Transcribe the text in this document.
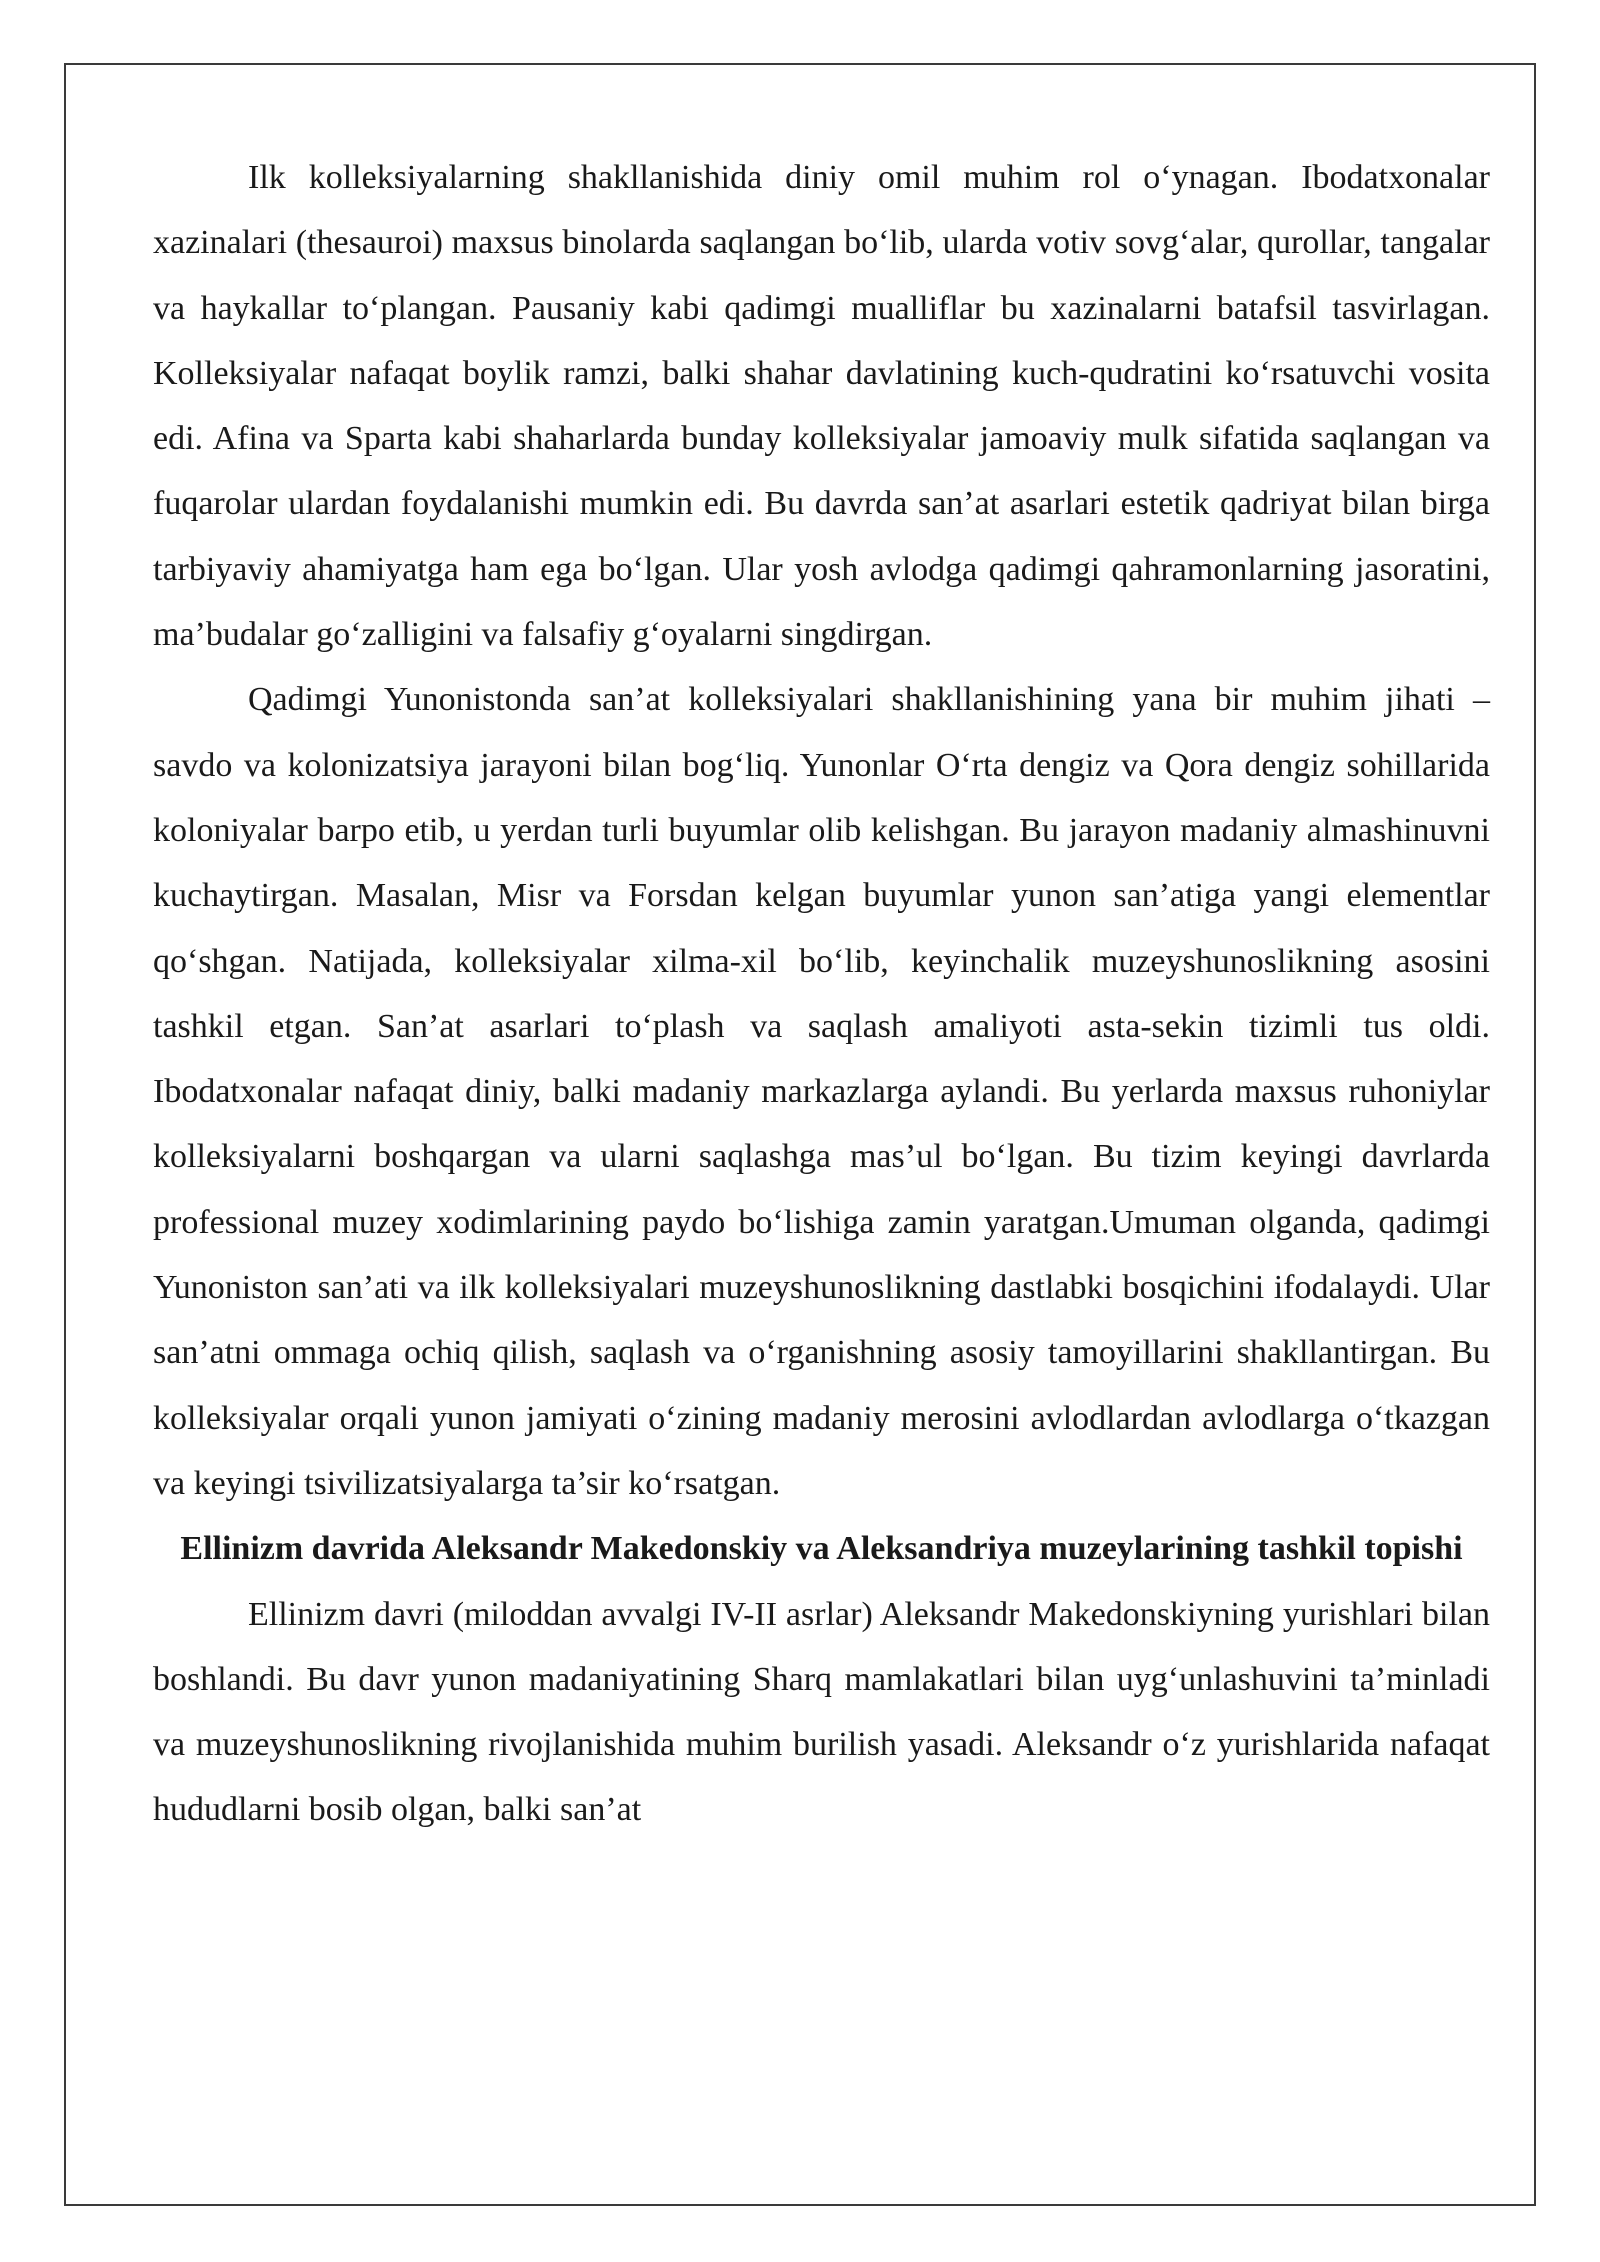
Ilk kolleksiyalarning shakllanishida diniy omil muhim rol o‘ynagan. Ibodatxonalar xazinalari (thesauroi) maxsus binolarda saqlangan bo‘lib, ularda votiv sovg‘alar, qurollar, tangalar va haykallar to‘plangan. Pausaniy kabi qadimgi mualliflar bu xazinalarni batafsil tasvirlagan. Kolleksiyalar nafaqat boylik ramzi, balki shahar davlatining kuch-qudratini ko‘rsatuvchi vosita edi. Afina va Sparta kabi shaharlarda bunday kolleksiyalar jamoaviy mulk sifatida saqlangan va fuqarolar ulardan foydalanishi mumkin edi. Bu davrda san’at asarlari estetik qadriyat bilan birga tarbiyaviy ahamiyatga ham ega bo‘lgan. Ular yosh avlodga qadimgi qahramonlarning jasoratini, ma’budalar go‘zalligini va falsafiy g‘oyalarni singdirgan.

Qadimgi Yunonistonda san’at kolleksiyalari shakllanishining yana bir muhim jihati – savdo va kolonizatsiya jarayoni bilan bog‘liq. Yunonlar O‘rta dengiz va Qora dengiz sohillarida koloniyalar barpo etib, u yerdan turli buyumlar olib kelishgan. Bu jarayon madaniy almashinuvni kuchaytirgan. Masalan, Misr va Forsdan kelgan buyumlar yunon san’atiga yangi elementlar qo‘shgan. Natijada, kolleksiyalar xilma-xil bo‘lib, keyinchalik muzeyshunoslikning asosini tashkil etgan. San’at asarlari to‘plash va saqlash amaliyoti asta-sekin tizimli tus oldi. Ibodatxonalar nafaqat diniy, balki madaniy markazlarga aylandi. Bu yerlarda maxsus ruhoniylar kolleksiyalarni boshqargan va ularni saqlashga mas’ul bo‘lgan. Bu tizim keyingi davrlarda professional muzey xodimlarining paydo bo‘lishiga zamin yaratgan.Umuman olganda, qadimgi Yunoniston san’ati va ilk kolleksiyalari muzeyshunoslikning dastlabki bosqichini ifodalaydi. Ular san’atni ommaga ochiq qilish, saqlash va o‘rganishning asosiy tamoyillarini shakllantirgan. Bu kolleksiyalar orqali yunon jamiyati o‘zining madaniy merosini avlodlardan avlodlarga o‘tkazgan va keyingi tsivilizatsiyalarga ta’sir ko‘rsatgan.

Ellinizm davrida Aleksandr Makedonskiy va Aleksandriya muzeylarining tashkil topishi

Ellinizm davri (miloddan avvalgi IV-II asrlar) Aleksandr Makedonskiyning yurishlari bilan boshlandi. Bu davr yunon madaniyatining Sharq mamlakatlari bilan uyg‘unlashuvini ta’minladi va muzeyshunoslikning rivojlanishida muhim burilish yasadi. Aleksandr o‘z yurishlarida nafaqat hududlarni bosib olgan, balki san’at
